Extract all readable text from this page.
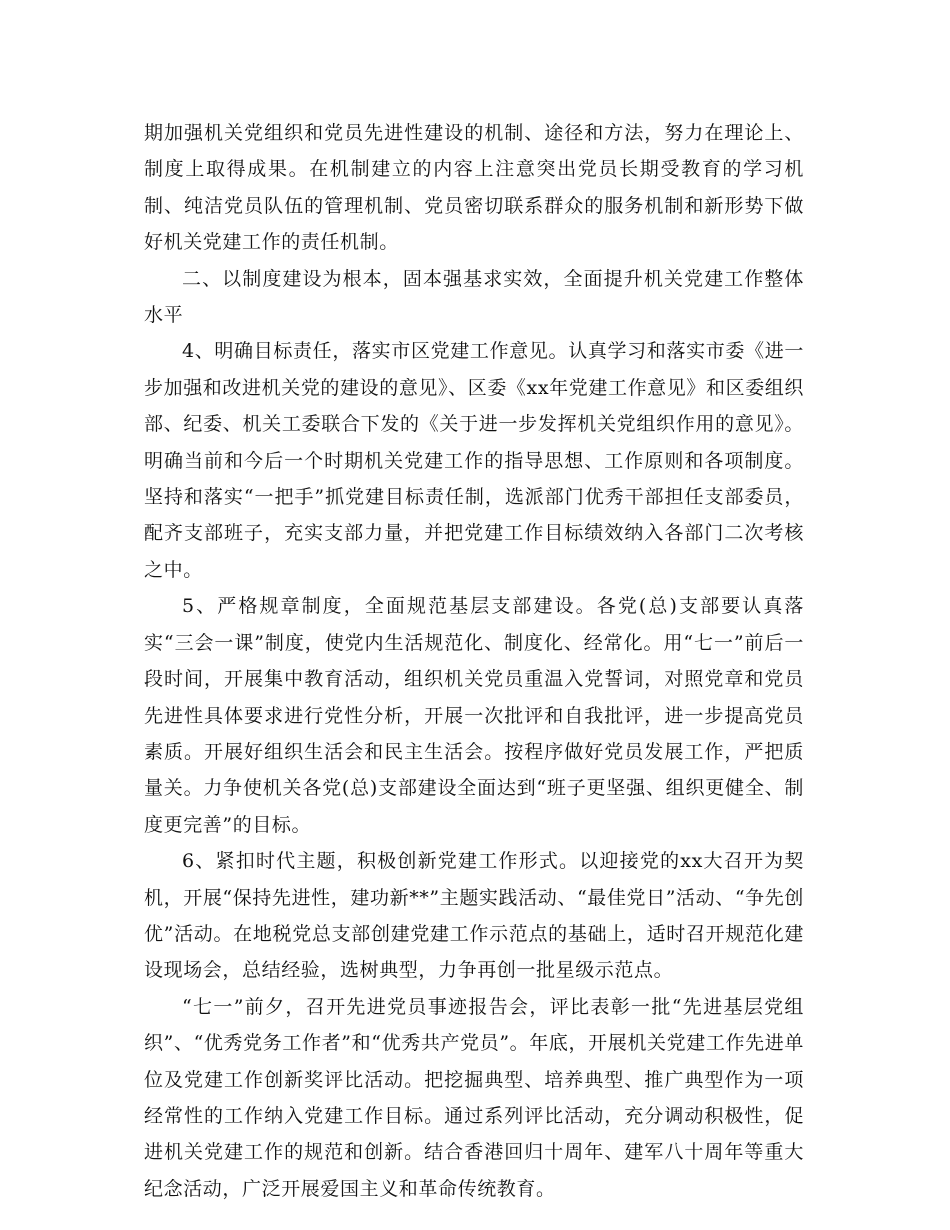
期加强机关党组织和党员先进性建设的机制、途径和方法，努力在理论上、制度上取得成果。在机制建立的内容上注意突出党员长期受教育的学习机制、纯洁党员队伍的管理机制、党员密切联系群众的服务机制和新形势下做好机关党建工作的责任机制。

二、以制度建设为根本，固本强基求实效，全面提升机关党建工作整体水平

4、明确目标责任，落实市区党建工作意见。认真学习和落实市委《进一步加强和改进机关党的建设的意见》、区委《xx年党建工作意见》和区委组织部、纪委、机关工委联合下发的《关于进一步发挥机关党组织作用的意见》。明确当前和今后一个时期机关党建工作的指导思想、工作原则和各项制度。坚持和落实“一把手”抓党建目标责任制，选派部门优秀干部担任支部委员，配齐支部班子，充实支部力量，并把党建工作目标绩效纳入各部门二次考核之中。

5、严格规章制度，全面规范基层支部建设。各党(总)支部要认真落实“三会一课”制度，使党内生活规范化、制度化、经常化。用“七一”前后一段时间，开展集中教育活动，组织机关党员重温入党誓词，对照党章和党员先进性具体要求进行党性分析，开展一次批评和自我批评，进一步提高党员素质。开展好组织生活会和民主生活会。按程序做好党员发展工作，严把质量关。力争使机关各党(总)支部建设全面达到“班子更坚强、组织更健全、制度更完善”的目标。

6、紧扣时代主题，积极创新党建工作形式。以迎接党的xx大召开为契机，开展“保持先进性，建功新**”主题实践活动、“最佳党日”活动、“争先创优”活动。在地税党总支部创建党建工作示范点的基础上，适时召开规范化建设现场会，总结经验，选树典型，力争再创一批星级示范点。

“七一”前夕，召开先进党员事迹报告会，评比表彰一批“先进基层党组织”、“优秀党务工作者”和“优秀共产党员”。年底，开展机关党建工作先进单位及党建工作创新奖评比活动。把挖掘典型、培养典型、推广典型作为一项经常性的工作纳入党建工作目标。通过系列评比活动，充分调动积极性，促进机关党建工作的规范和创新。结合香港回归十周年、建军八十周年等重大纪念活动，广泛开展爱国主义和革命传统教育。
